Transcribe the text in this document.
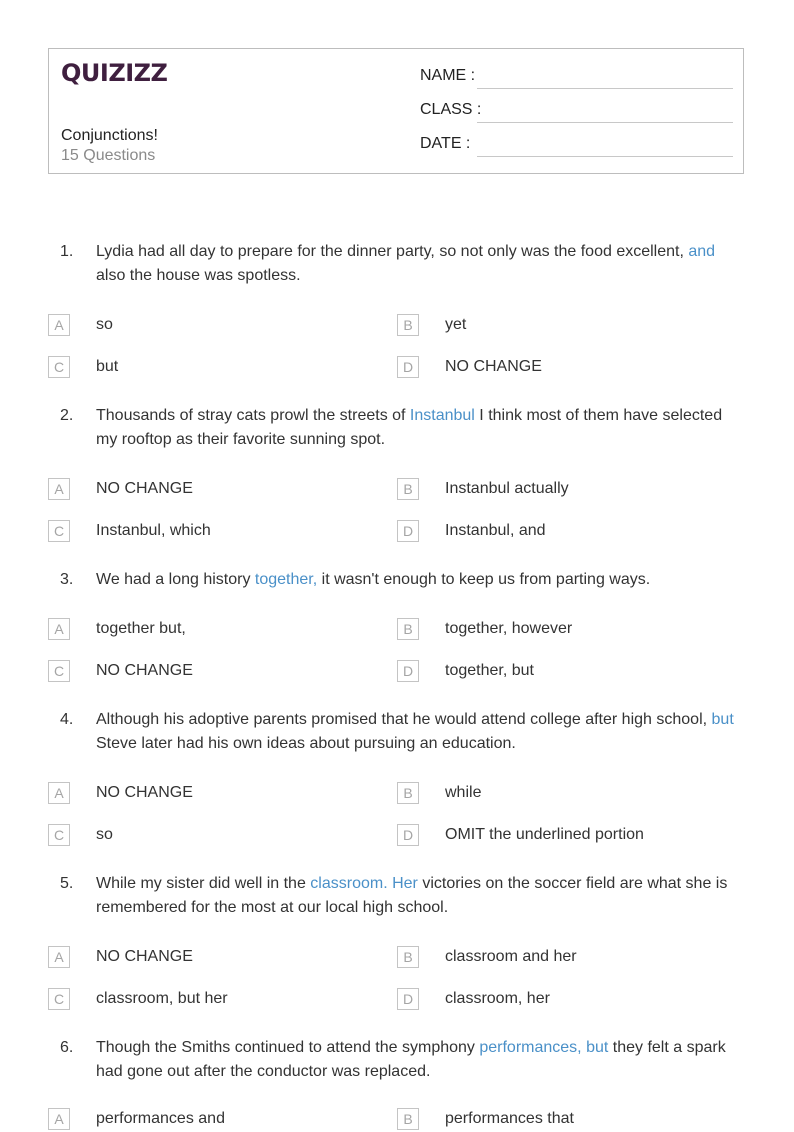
QUIZIZZ
Conjunctions!
15 Questions
NAME :
CLASS :
DATE :
1. Lydia had all day to prepare for the dinner party, so not only was the food excellent, and also the house was spotless.
A	so	B	yet
C	but	D	NO CHANGE
2. Thousands of stray cats prowl the streets of Instanbul I think most of them have selected my rooftop as their favorite sunning spot.
A	NO CHANGE	B	Instanbul actually
C	Instanbul, which	D	Instanbul, and
3. We had a long history together, it wasn't enough to keep us from parting ways.
A	together but,	B	together, however
C	NO CHANGE	D	together, but
4. Although his adoptive parents promised that he would attend college after high school, but Steve later had his own ideas about pursuing an education.
A	NO CHANGE	B	while
C	so	D	OMIT the underlined portion
5. While my sister did well in the classroom. Her victories on the soccer field are what she is remembered for the most at our local high school.
A	NO CHANGE	B	classroom and her
C	classroom, but her	D	classroom, her
6. Though the Smiths continued to attend the symphony performances, but they felt a spark had gone out after the conductor was replaced.
A	performances and	B	performances that
